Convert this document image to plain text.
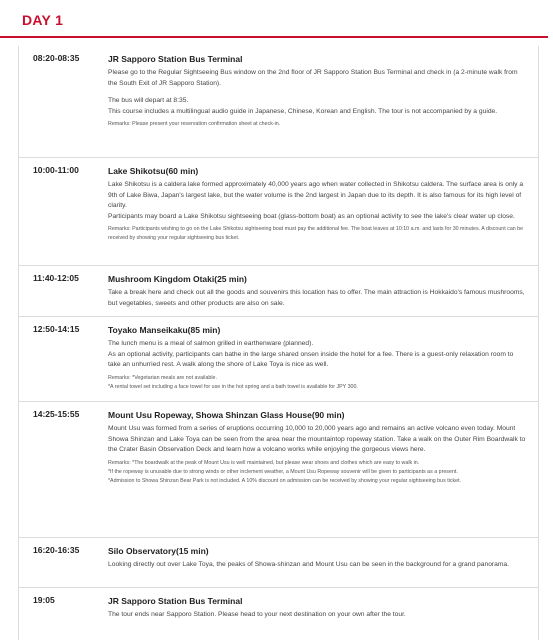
DAY 1
08:20-08:35	JR Sapporo Station Bus Terminal

Please go to the Regular Sightseeing Bus window on the 2nd floor of JR Sapporo Station Bus Terminal and check in (a 2-minute walk from the South Exit of JR Sapporo Station).

The bus will depart at 8:35.

This course includes a multilingual audio guide in Japanese, Chinese, Korean and English. The tour is not accompanied by a guide.

Remarks: Please present your reservation confirmation sheet at check-in.

10:00-11:00	Lake Shikotsu(60 min)

Lake Shikotsu is a caldera lake formed approximately 40,000 years ago when water collected in Shikotsu caldera. The surface area is only a 9th of Lake Biwa, Japan's largest lake, but the water volume is the 2nd largest in Japan due to its depth. It is also famous for its high level of clarity.

Participants may board a Lake Shikotsu sightseeing boat (glass-bottom boat) as an optional activity to see the lake's clear water up close.

Remarks: Participants wishing to go on the Lake Shikotsu sightseeing boat must pay the additional fee. The boat leaves at 10:10 a.m. and lasts for 30 minutes. A discount can be received by showing your regular sightseeing bus ticket.

11:40-12:05	Mushroom Kingdom Otaki(25 min)

Take a break here and check out all the goods and souvenirs this location has to offer. The main attraction is Hokkaido's famous mushrooms, but vegetables, sweets and other products are also on sale.

12:50-14:15	Toyako Manseikaku(85 min)

The lunch menu is a meal of salmon grilled in earthenware (planned).

As an optional activity, participants can bathe in the large shared onsen inside the hotel for a fee. There is a guest-only relaxation room to take an unhurried rest. A walk along the shore of Lake Toya is nice as well.

Remarks: *Vegetarian meals are not available.

*A rental towel set including a face towel for use in the hot spring and a bath towel is available for JPY 300.

14:25-15:55	Mount Usu Ropeway, Showa Shinzan Glass House(90 min)

Mount Usu was formed from a series of eruptions occurring 10,000 to 20,000 years ago and remains an active volcano even today. Mount Showa Shinzan and Lake Toya can be seen from the area near the mountaintop ropeway station. Take a walk on the Outer Rim Boardwalk to the Crater Basin Observation Deck and learn how a volcano works while enjoying the gorgeous views here.

Remarks: *The boardwalk at the peak of Mount Usu is well maintained, but please wear shoes and clothes which are easy to walk in.

*If the ropeway is unusable due to strong winds or other inclement weather, a Mount Usu Ropeway souvenir will be given to participants as a present.

*Admission to Showa Shinzan Bear Park is not included. A 10% discount on admission can be received by showing your regular sightseeing bus ticket.

16:20-16:35	Silo Observatory(15 min)

Looking directly out over Lake Toya, the peaks of Showa-shinzan and Mount Usu can be seen in the background for a grand panorama.

19:05	JR Sapporo Station Bus Terminal

The tour ends near Sapporo Station. Please head to your next destination on your own after the tour.
